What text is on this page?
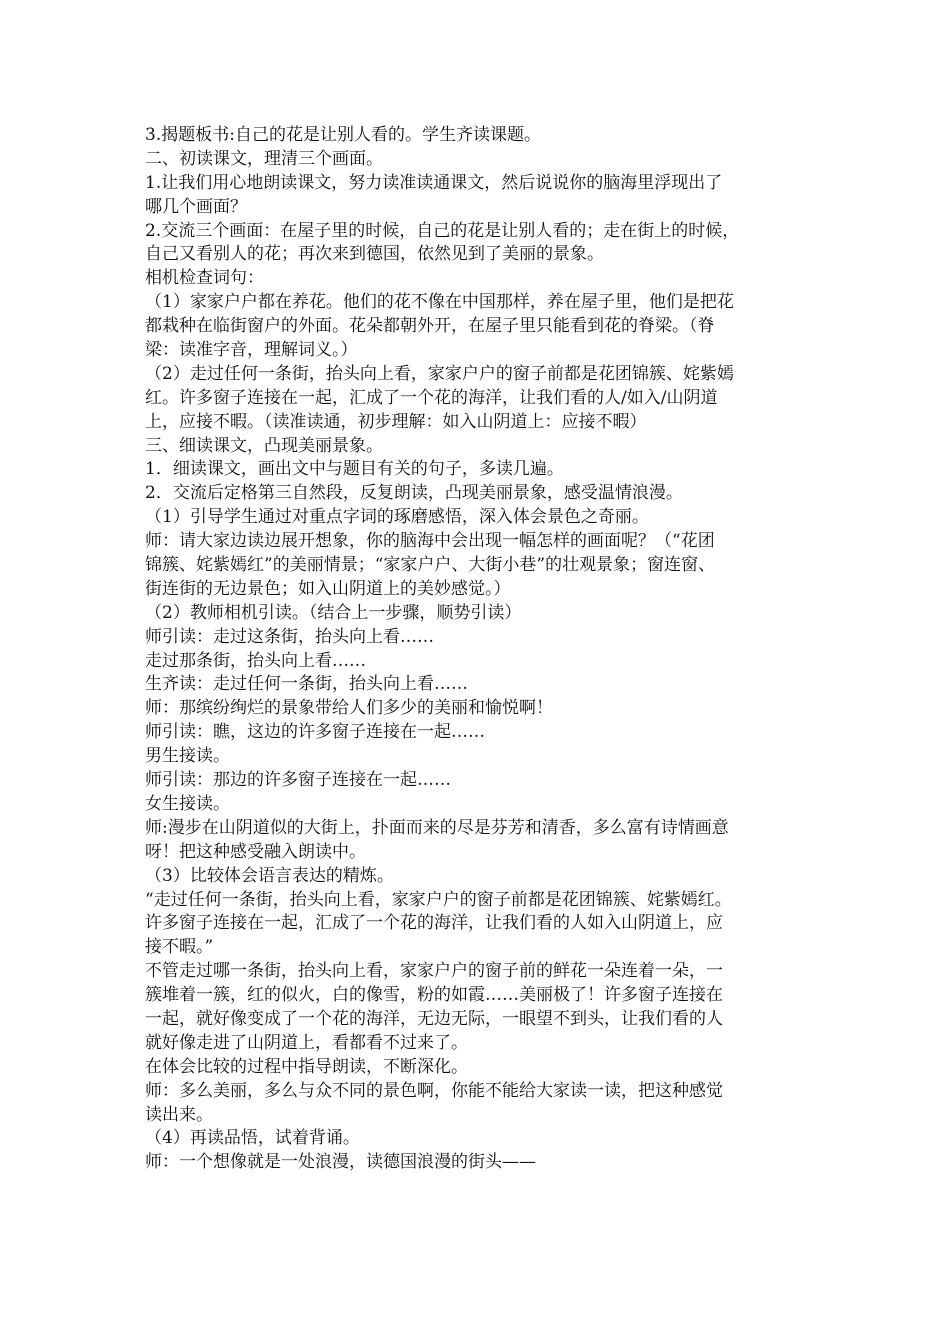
3.揭题板书:自己的花是让别人看的。学生齐读课题。
二、初读课文，理清三个画面。
1.让我们用心地朗读课文，努力读准读通课文，然后说说你的脑海里浮现出了
哪几个画面？
2.交流三个画面：在屋子里的时候，自己的花是让别人看的；走在街上的时候，
自己又看别人的花；再次来到德国，依然见到了美丽的景象。
相机检查词句：
（1）家家户户都在养花。他们的花不像在中国那样，养在屋子里，他们是把花
都栽种在临街窗户的外面。花朵都朝外开，在屋子里只能看到花的脊梁。（脊
梁：读准字音，理解词义。）
（2）走过任何一条街，抬头向上看，家家户户的窗子前都是花团锦簇、姹紫嫣
红。许多窗子连接在一起，汇成了一个花的海洋，让我们看的人/如入/山阴道
上，应接不暇。（读准读通，初步理解：如入山阴道上：应接不暇）
三、细读课文，凸现美丽景象。
1．细读课文，画出文中与题目有关的句子，多读几遍。
2．交流后定格第三自然段，反复朗读，凸现美丽景象，感受温情浪漫。
（1）引导学生通过对重点字词的琢磨感悟，深入体会景色之奇丽。
师：请大家边读边展开想象，你的脑海中会出现一幅怎样的画面呢？（“花团
锦簇、姹紫嫣红”的美丽情景；“家家户户、大街小巷”的壮观景象；窗连窗、
街连街的无边景色；如入山阴道上的美妙感觉。）
（2）教师相机引读。（结合上一步骤，顺势引读）
师引读：走过这条街，抬头向上看……
走过那条街，抬头向上看……
生齐读：走过任何一条街，抬头向上看……
师：那缤纷绚烂的景象带给人们多少的美丽和愉悦啊！
师引读：瞧，这边的许多窗子连接在一起……
男生接读。
师引读：那边的许多窗子连接在一起……
女生接读。
师:漫步在山阴道似的大街上，扑面而来的尽是芬芳和清香，多么富有诗情画意
呀！把这种感受融入朗读中。
（3）比较体会语言表达的精炼。
“走过任何一条街，抬头向上看，家家户户的窗子前都是花团锦簇、姹紫嫣红。
许多窗子连接在一起，汇成了一个花的海洋，让我们看的人如入山阴道上，应
接不暇。”
不管走过哪一条街，抬头向上看，家家户户的窗子前的鲜花一朵连着一朵，一
簇堆着一簇，红的似火，白的像雪，粉的如霞……美丽极了！许多窗子连接在
一起，就好像变成了一个花的海洋，无边无际，一眼望不到头，让我们看的人
就好像走进了山阴道上，看都看不过来了。
在体会比较的过程中指导朗读，不断深化。
师：多么美丽，多么与众不同的景色啊，你能不能给大家读一读，把这种感觉
读出来。
（4）再读品悟，试着背诵。
师：一个想像就是一处浪漫，读德国浪漫的街头——
